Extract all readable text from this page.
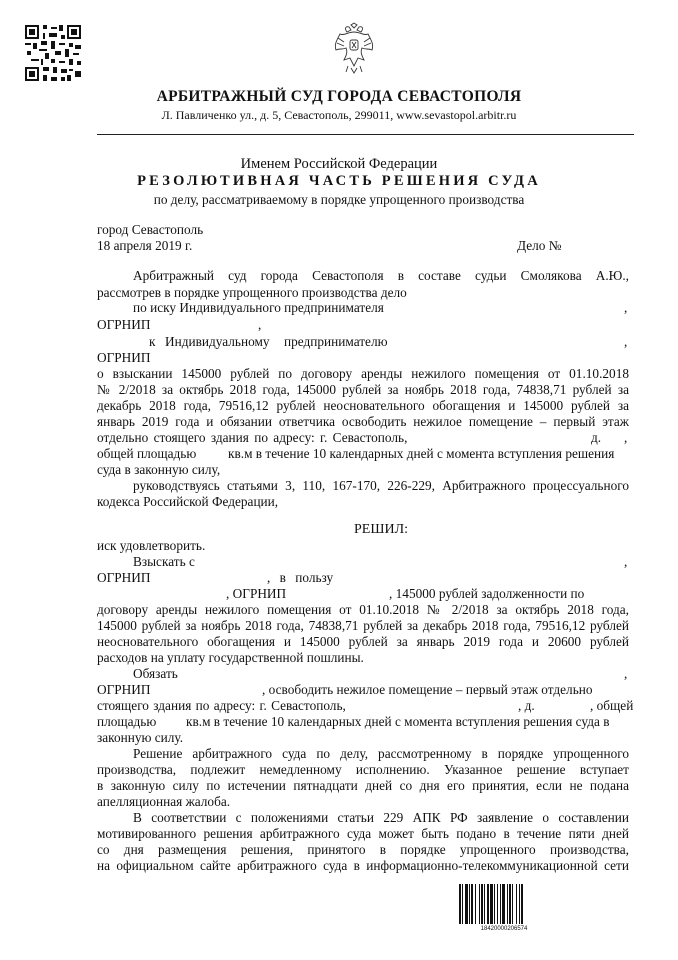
АРБИТРАЖНЫЙ СУД ГОРОДА СЕВАСТОПОЛЯ
Л. Павличенко ул., д. 5, Севастополь, 299011, www.sevastopol.arbitr.ru
Именем Российской Федерации
РЕЗОЛЮТИВНАЯ ЧАСТЬ РЕШЕНИЯ СУДА
по делу, рассматриваемому в порядке упрощенного производства
город Севастополь
18 апреля 2019 г.	Дело №
Арбитражный суд города Севастополя в составе судьи Смолякова А.Ю.,
рассмотрев в порядке упрощенного производства дело
по иску Индивидуального предпринимателя	,
ОГРНИП	,
к Индивидуальному предпринимателю	,
ОГРНИП
о взыскании 145000 рублей по договору аренды нежилого помещения от 01.10.2018
№ 2/2018 за октябрь 2018 года, 145000 рублей за ноябрь 2018 года, 74838,71 рублей за
декабрь 2018 года, 79516,12 рублей неосновательного обогащения и 145000 рублей за
январь 2019 года и обязании ответчика освободить нежилое помещение – первый этаж
отдельно стоящего здания по адресу: г. Севастополь,	д. ,
общей площадью кв.м в течение 10 календарных дней с момента вступления решения
суда в законную силу,
руководствуясь статьями 3, 110, 167-170, 226-229, Арбитражного процессуального
кодекса Российской Федерации,
РЕШИЛ:
иск удовлетворить.
Взыскать с	,
ОГРНИП	, в пользу
, ОГРНИП	, 145000 рублей задолженности по
договору аренды нежилого помещения от 01.10.2018 № 2/2018 за октябрь 2018 года,
145000 рублей за ноябрь 2018 года, 74838,71 рублей за декабрь 2018 года, 79516,12 рублей
неосновательного обогащения и 145000 рублей за январь 2019 года и 20600 рублей
расходов на уплату государственной пошлины.
Обязать	,
ОГРНИП	, освободить нежилое помещение – первый этаж отдельно
стоящего здания по адресу: г. Севастополь,	, д.	, общей
площадью кв.м в течение 10 календарных дней с момента вступления решения суда в
законную силу.
Решение арбитражного суда по делу, рассмотренному в порядке упрощенного
производства, подлежит немедленному исполнению. Указанное решение вступает
в законную силу по истечении пятнадцати дней со дня его принятия, если не подана
апелляционная жалоба.
В соответствии с положениями статьи 229 АПК РФ заявление о составлении
мотивированного решения арбитражного суда может быть подано в течение пяти дней
со дня размещения решения, принятого в порядке упрощенного производства,
на официальном сайте арбитражного суда в информационно-телекоммуникационной сети
18420000206574
